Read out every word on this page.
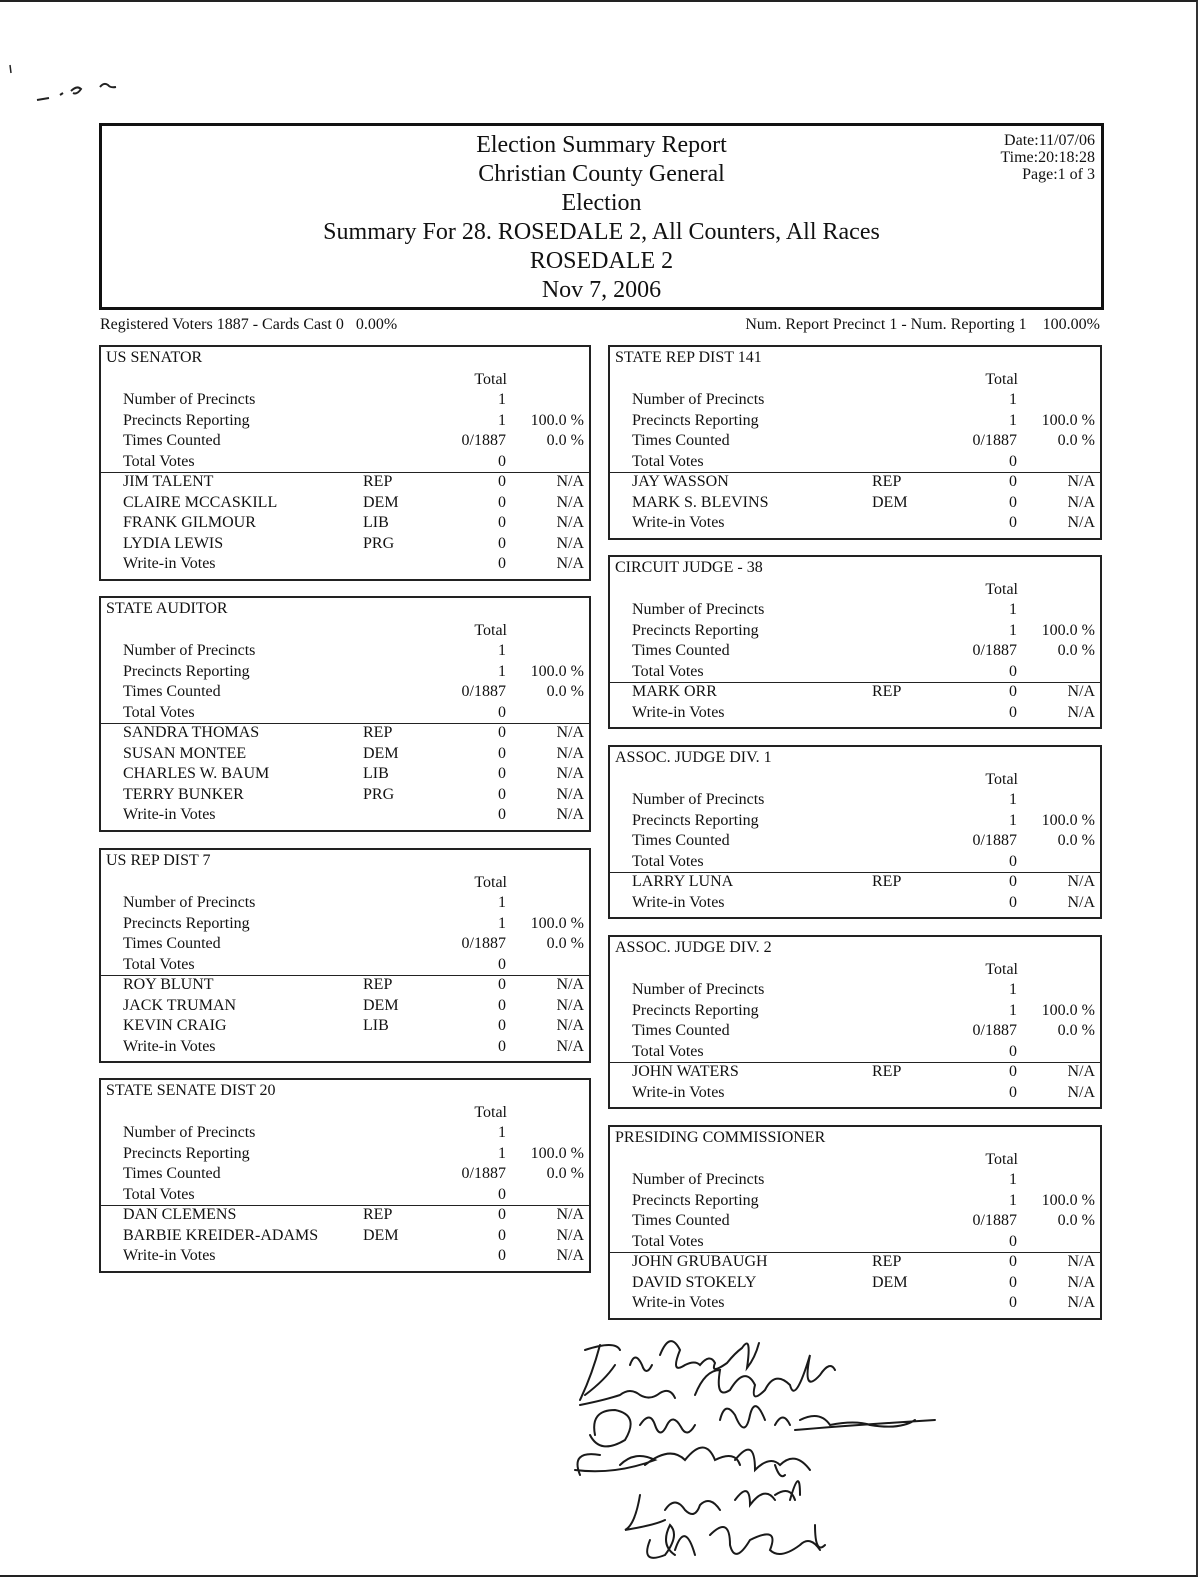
Election Summary Report
Christian County General
Election
Summary For 28. ROSEDALE 2, All Counters, All Races
ROSEDALE 2
Nov 7, 2006
Date:11/07/06
Time:20:18:28
Page:1 of 3
Registered Voters 1887 - Cards Cast 0   0.00%	Num. Report Precinct 1 - Num. Reporting 1    100.00%
US SENATOR
Total
Number of Precincts	1
Precincts Reporting	1 100.0 %
Times Counted	0/1887	0.0 %
Total Votes	0
JIM TALENT	REP	0	N/A
CLAIRE MCCASKILL	DEM	0	N/A
FRANK GILMOUR	LIB	0	N/A
LYDIA LEWIS	PRG	0	N/A
Write-in Votes	0	N/A
STATE AUDITOR
Total
Number of Precincts	1
Precincts Reporting	1 100.0 %
Times Counted	0/1887	0.0 %
Total Votes	0
SANDRA THOMAS	REP	0	N/A
SUSAN MONTEE	DEM	0	N/A
CHARLES W. BAUM	LIB	0	N/A
TERRY BUNKER	PRG	0	N/A
Write-in Votes	0	N/A
US REP DIST 7
Total
Number of Precincts	1
Precincts Reporting	1 100.0 %
Times Counted	0/1887	0.0 %
Total Votes	0
ROY BLUNT	REP	0	N/A
JACK TRUMAN	DEM	0	N/A
KEVIN CRAIG	LIB	0	N/A
Write-in Votes	0	N/A
STATE SENATE DIST 20
Total
Number of Precincts	1
Precincts Reporting	1 100.0 %
Times Counted	0/1887	0.0 %
Total Votes	0
DAN CLEMENS	REP	0	N/A
BARBIE KREIDER-ADAMS	DEM	0	N/A
Write-in Votes	0	N/A
STATE REP DIST 141
Total
Number of Precincts	1
Precincts Reporting	1 100.0 %
Times Counted	0/1887	0.0 %
Total Votes	0
JAY WASSON	REP	0	N/A
MARK S. BLEVINS	DEM	0	N/A
Write-in Votes	0	N/A
CIRCUIT JUDGE - 38
Total
Number of Precincts	1
Precincts Reporting	1 100.0 %
Times Counted	0/1887	0.0 %
Total Votes	0
MARK ORR	REP	0	N/A
Write-in Votes	0	N/A
ASSOC. JUDGE DIV. 1
Total
Number of Precincts	1
Precincts Reporting	1 100.0 %
Times Counted	0/1887	0.0 %
Total Votes	0
LARRY LUNA	REP	0	N/A
Write-in Votes	0	N/A
ASSOC. JUDGE DIV. 2
Total
Number of Precincts	1
Precincts Reporting	1 100.0 %
Times Counted	0/1887	0.0 %
Total Votes	0
JOHN WATERS	REP	0	N/A
Write-in Votes	0	N/A
PRESIDING COMMISSIONER
Total
Number of Precincts	1
Precincts Reporting	1 100.0 %
Times Counted	0/1887	0.0 %
Total Votes	0
JOHN GRUBAUGH	REP	0	N/A
DAVID STOKELY	DEM	0	N/A
Write-in Votes	0	N/A
